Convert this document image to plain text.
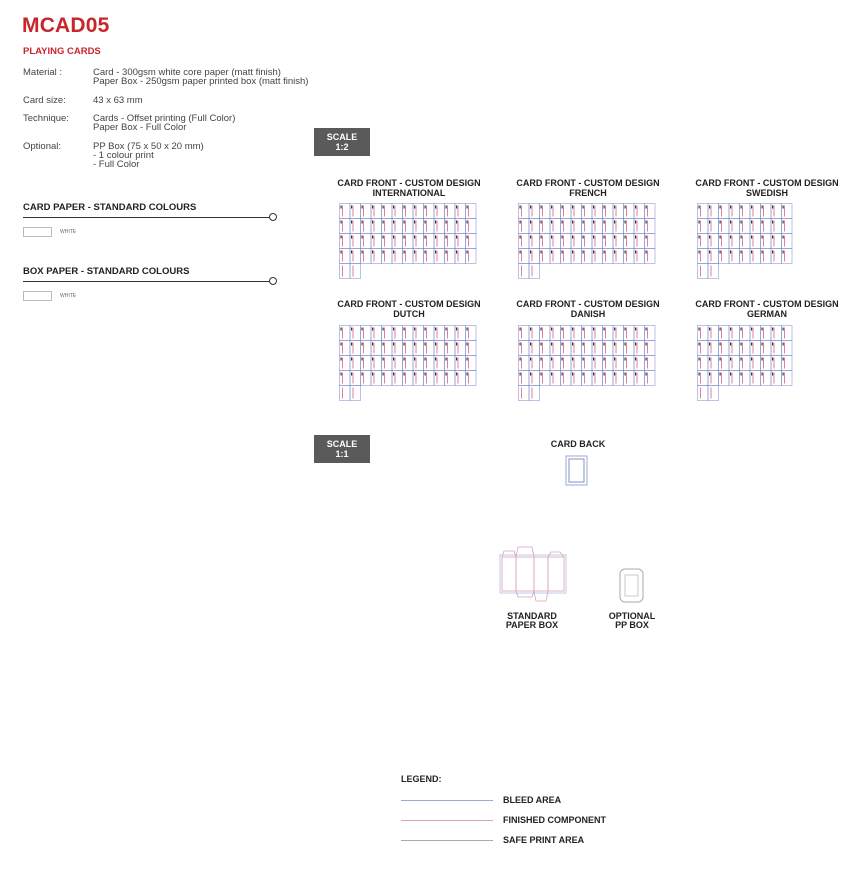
MCAD05
PLAYING CARDS
Material :	Card - 300gsm white core paper (matt finish)
Paper Box - 250gsm paper printed box (matt finish)
Card size:	43 x 63 mm
Technique:	Cards - Offset printing (Full Color)
Paper Box - Full Color
Optional:	PP Box (75 x 50 x 20 mm)
- 1 colour print
- Full Color
CARD PAPER - STANDARD COLOURS
WHITE
BOX PAPER - STANDARD COLOURS
WHITE
SCALE 1:2
SCALE 1:1
CARD FRONT - CUSTOM DESIGN
INTERNATIONAL
CARD FRONT - CUSTOM DESIGN
FRENCH
CARD FRONT - CUSTOM DESIGN
SWEDISH
CARD FRONT - CUSTOM DESIGN
DUTCH
CARD FRONT - CUSTOM DESIGN
DANISH
CARD FRONT - CUSTOM DESIGN
GERMAN
CARD BACK
STANDARD
PAPER BOX
OPTIONAL
PP BOX
LEGEND:
BLEED AREA
FINISHED COMPONENT
SAFE PRINT AREA
